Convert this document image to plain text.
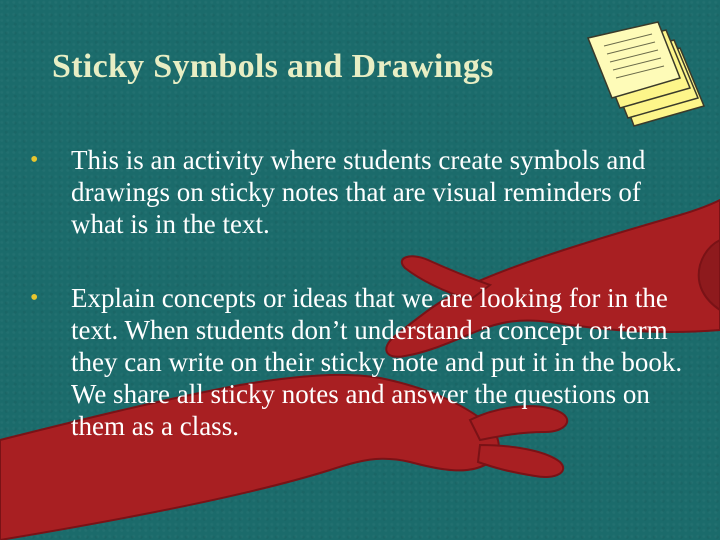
Sticky Symbols and Drawings
• This is an activity where students create symbols and drawings on sticky notes that are visual reminders of what is in the text.
• Explain concepts or ideas that we are looking for in the text. When students don’t understand a concept or term they can write on their sticky note and put it in the book. We share all sticky notes and answer the questions on them as a class.
